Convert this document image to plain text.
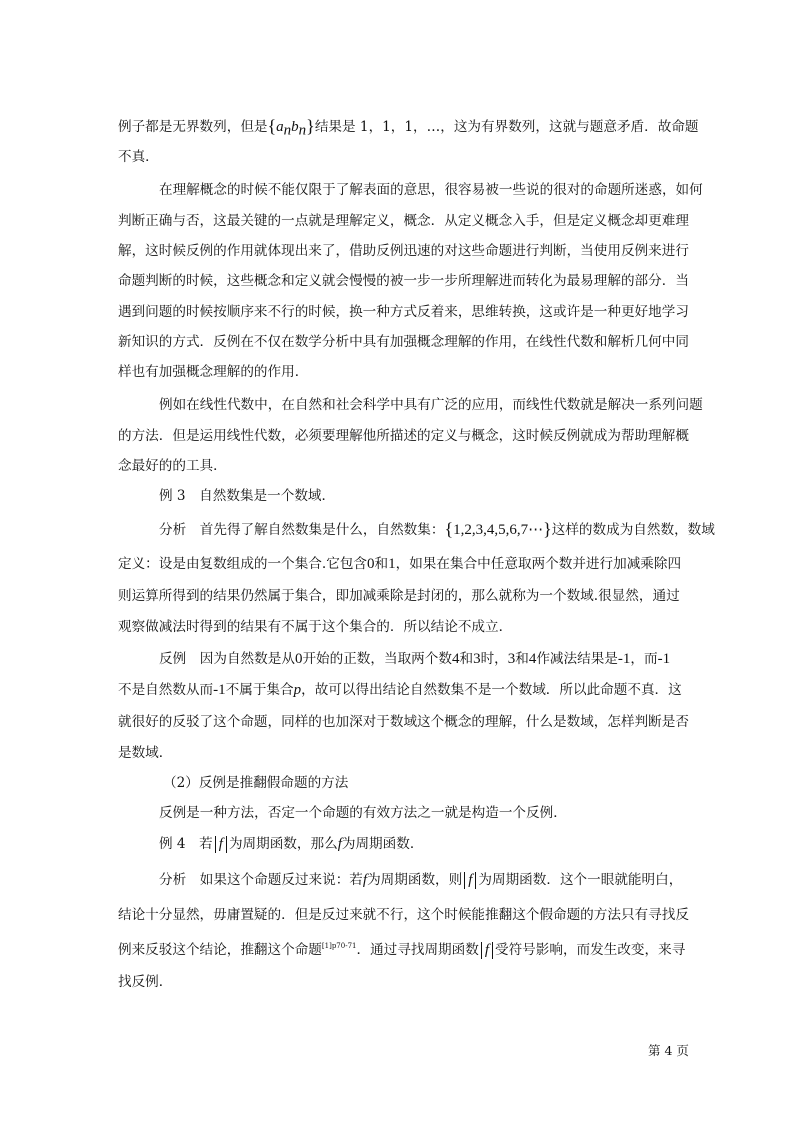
例子都是无界数列，但是$\{a_nb_n\}$结果是 1，1，1，…，这为有界数列，这就与题意矛盾．故命题
不真．
在理解概念的时候不能仅限于了解表面的意思，很容易被一些说的很对的命题所迷惑，如何
判断正确与否，这最关键的一点就是理解定义，概念．从定义概念入手，但是定义概念却更难理
解，这时候反例的作用就体现出来了，借助反例迅速的对这些命题进行判断，当使用反例来进行
命题判断的时候，这些概念和定义就会慢慢的被一步一步所理解进而转化为最易理解的部分．当
遇到问题的时候按顺序来不行的时候，换一种方式反着来，思维转换，这或许是一种更好地学习
新知识的方式．反例在不仅在数学分析中具有加强概念理解的作用，在线性代数和解析几何中同
样也有加强概念理解的的作用．
例如在线性代数中，在自然和社会科学中具有广泛的应用，而线性代数就是解决一系列问题
的方法．但是运用线性代数，必须要理解他所描述的定义与概念，这时候反例就成为帮助理解概
念最好的的工具．
例 3　自然数集是一个数域．
分析　首先得了解自然数集是什么，自然数集：{1,2,3,4,5,6,7⋯}这样的数成为自然数，数域
定义：设是由复数组成的一个集合.它包含0和1，如果在集合中任意取两个数并进行加减乘除四
则运算所得到的结果仍然属于集合，即加减乘除是封闭的，那么就称为一个数域.很显然，通过
观察做减法时得到的结果有不属于这个集合的．所以结论不成立．
反例　因为自然数是从0开始的正数，当取两个数4和3时，3和4作减法结果是-1，而-1
不是自然数从而-1不属于集合p，故可以得出结论自然数集不是一个数域．所以此命题不真．这
就很好的反驳了这个命题，同样的也加深对于数域这个概念的理解，什么是数域，怎样判断是否
是数域．
（2）反例是推翻假命题的方法
反例是一种方法，否定一个命题的有效方法之一就是构造一个反例．
例 4　若 f 为周期函数，那么f为周期函数．
分析　如果这个命题反过来说：若f为周期函数，则 f 为周期函数．这个一眼就能明白，
结论十分显然，毋庸置疑的．但是反过来就不行，这个时候能推翻这个假命题的方法只有寻找反
例来反驳这个结论，推翻这个命题$^{[1]p70-71}$．通过寻找周期函数 f 受符号影响，而发生改变，来寻
找反例．
第 4 页
